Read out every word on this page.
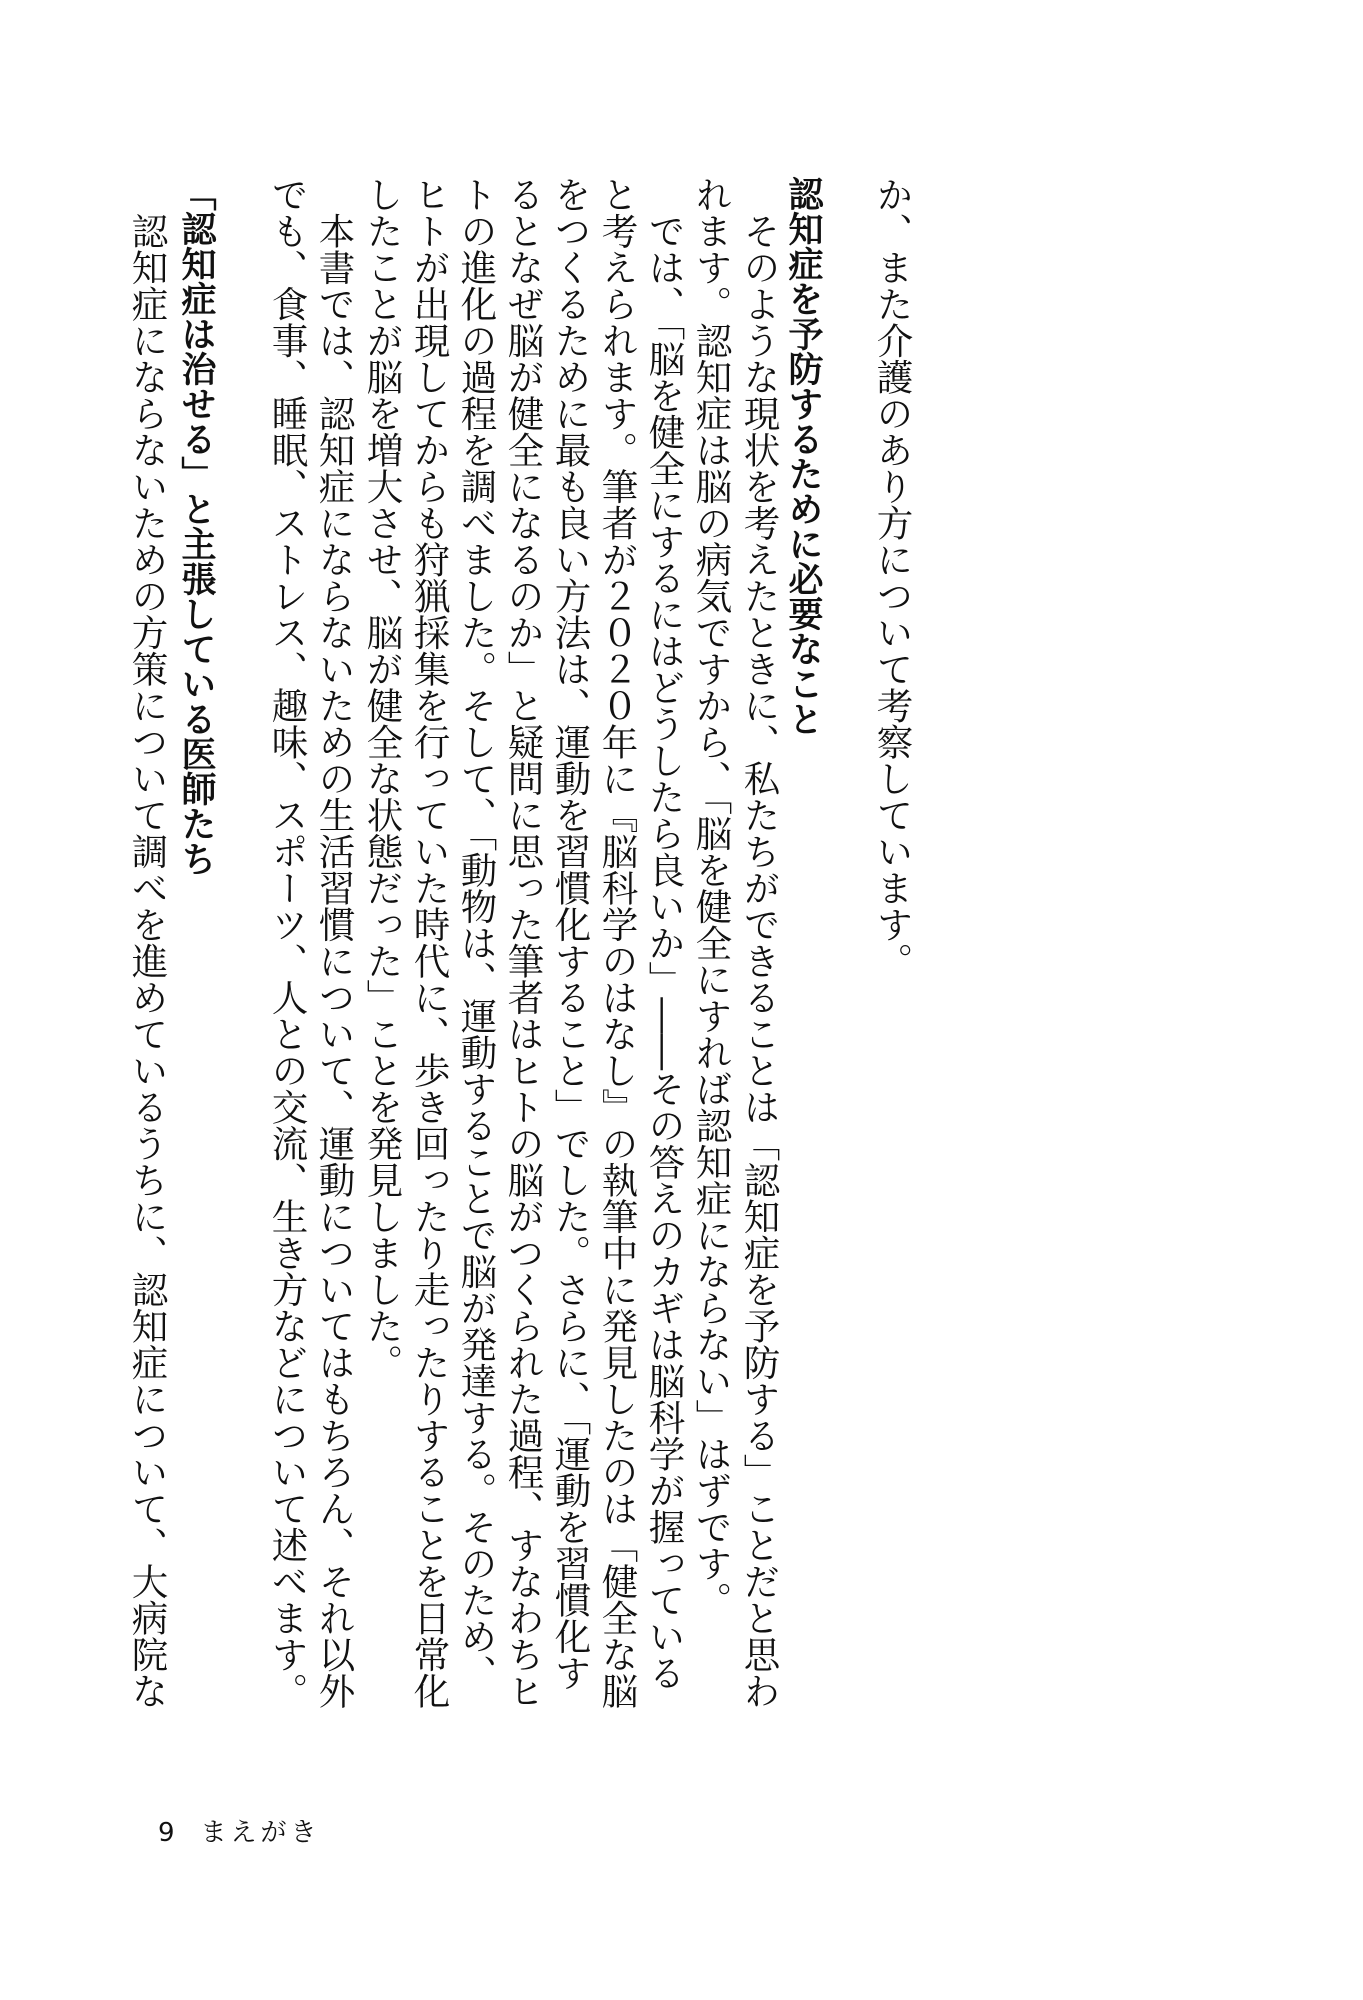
か、また介護のあり方について考察しています。
認知症を予防するために必要なこと
　そのような現状を考えたときに、私たちができることは「認知症を予防する」ことだと思わ
れます。認知症は脳の病気ですから、「脳を健全にすれば認知症にならない」はずです。
　では、「脳を健全にするにはどうしたら良いか」――その答えのカギは脳科学が握っている
と考えられます。筆者が２０２０年に『脳科学のはなし』の執筆中に発見したのは「健全な脳
をつくるために最も良い方法は、運動を習慣化すること」でした。さらに、「運動を習慣化す
るとなぜ脳が健全になるのか」と疑問に思った筆者はヒトの脳がつくられた過程、すなわちヒ
トの進化の過程を調べました。そして、「動物は、運動することで脳が発達する。そのため、
ヒトが出現してからも狩猟採集を行っていた時代に、歩き回ったり走ったりすることを日常化
したことが脳を増大させ、脳が健全な状態だった」ことを発見しました。
　本書では、認知症にならないための生活習慣について、運動についてはもちろん、それ以外
でも、食事、睡眠、ストレス、趣味、スポーツ、人との交流、生き方などについて述べます。
「認知症は治せる」と主張している医師たち
　認知症にならないための方策について調べを進めているうちに、認知症について、大病院な
9 まえがき
